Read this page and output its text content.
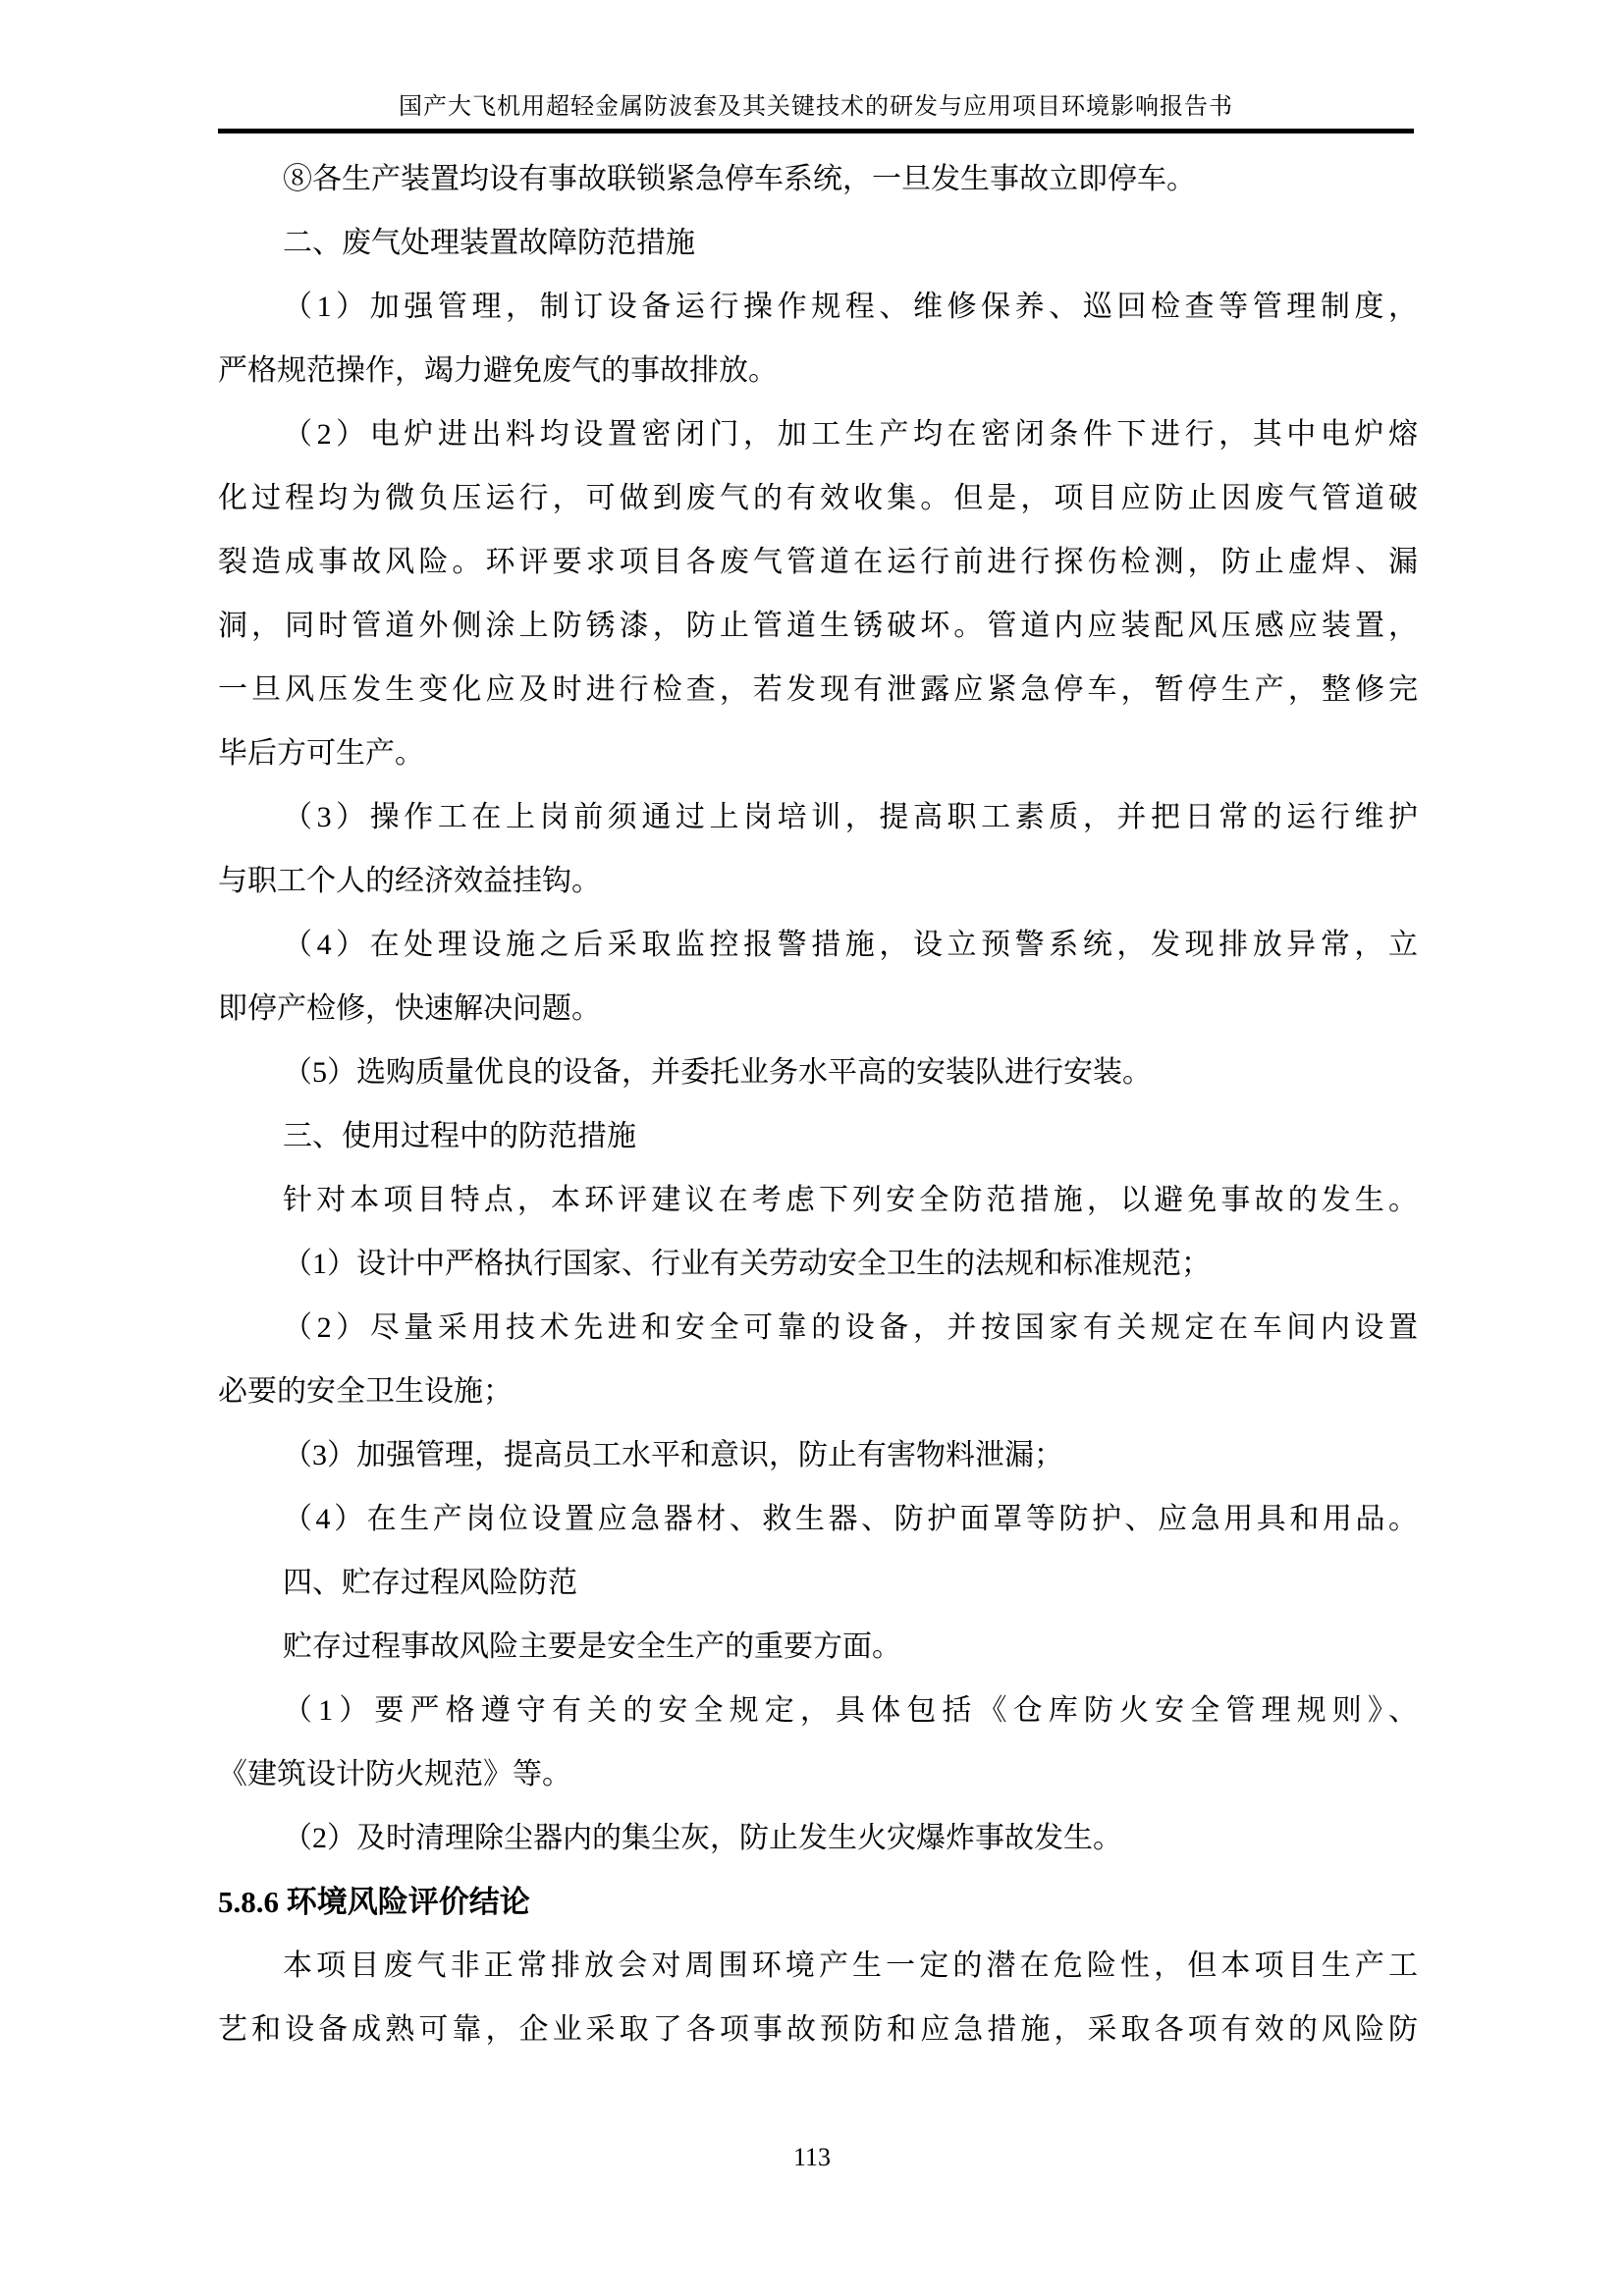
国产大飞机用超轻金属防波套及其关键技术的研发与应用项目环境影响报告书
⑧各生产装置均设有事故联锁紧急停车系统，一旦发生事故立即停车。
二、废气处理装置故障防范措施
（1）加强管理，制订设备运行操作规程、维修保养、巡回检查等管理制度，
严格规范操作，竭力避免废气的事故排放。
（2）电炉进出料均设置密闭门，加工生产均在密闭条件下进行，其中电炉熔
化过程均为微负压运行，可做到废气的有效收集。但是，项目应防止因废气管道破
裂造成事故风险。环评要求项目各废气管道在运行前进行探伤检测，防止虚焊、漏
洞，同时管道外侧涂上防锈漆，防止管道生锈破坏。管道内应装配风压感应装置，
一旦风压发生变化应及时进行检查，若发现有泄露应紧急停车，暂停生产，整修完
毕后方可生产。
（3）操作工在上岗前须通过上岗培训，提高职工素质，并把日常的运行维护
与职工个人的经济效益挂钩。
（4）在处理设施之后采取监控报警措施，设立预警系统，发现排放异常，立
即停产检修，快速解决问题。
（5）选购质量优良的设备，并委托业务水平高的安装队进行安装。
三、使用过程中的防范措施
针对本项目特点，本环评建议在考虑下列安全防范措施，以避免事故的发生。
（1）设计中严格执行国家、行业有关劳动安全卫生的法规和标准规范；
（2）尽量采用技术先进和安全可靠的设备，并按国家有关规定在车间内设置
必要的安全卫生设施；
（3）加强管理，提高员工水平和意识，防止有害物料泄漏；
（4）在生产岗位设置应急器材、救生器、防护面罩等防护、应急用具和用品。
四、贮存过程风险防范
贮存过程事故风险主要是安全生产的重要方面。
（1）要严格遵守有关的安全规定，具体包括《仓库防火安全管理规则》、
《建筑设计防火规范》等。
（2）及时清理除尘器内的集尘灰，防止发生火灾爆炸事故发生。
5.8.6 环境风险评价结论
本项目废气非正常排放会对周围环境产生一定的潜在危险性，但本项目生产工
艺和设备成熟可靠，企业采取了各项事故预防和应急措施，采取各项有效的风险防
113
